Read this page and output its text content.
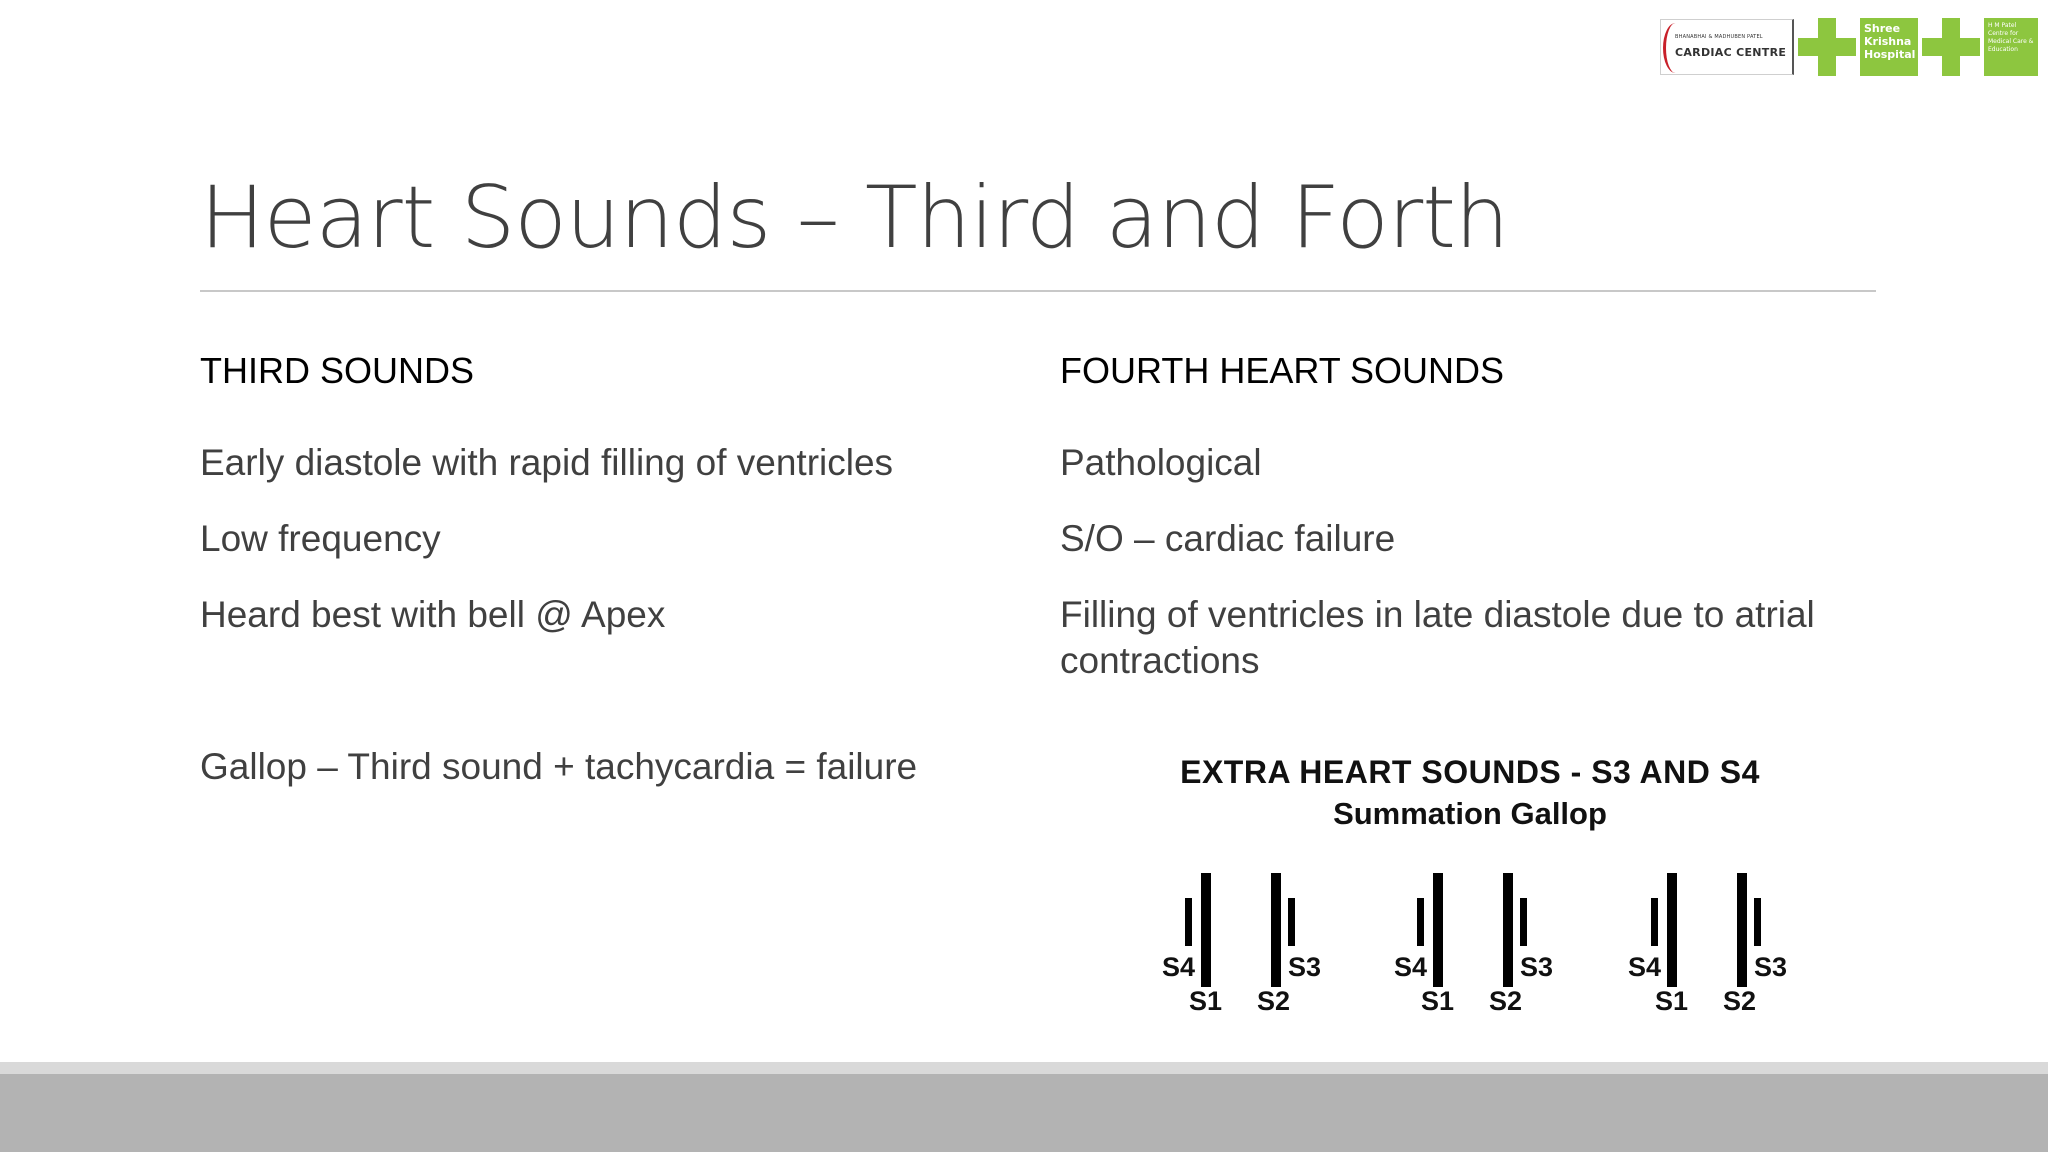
BHANABHAI & MADHUBEN PATEL
CARDIAC CENTRE
Shree Krishna Hospital
H M Patel Centre for Medical Care & Education
Heart Sounds – Third and Forth
THIRD SOUNDS
Early diastole with rapid filling of ventricles
Low frequency
Heard best with bell @ Apex
Gallop – Third sound + tachycardia = failure
FOURTH HEART SOUNDS
Pathological
S/O – cardiac failure
Filling of ventricles in late diastole due to atrial contractions
EXTRA HEART SOUNDS - S3 AND S4
Summation Gallop
S4
S1 S2
S3	S4
S1 S2
S3	S4
S1 S2
S3
